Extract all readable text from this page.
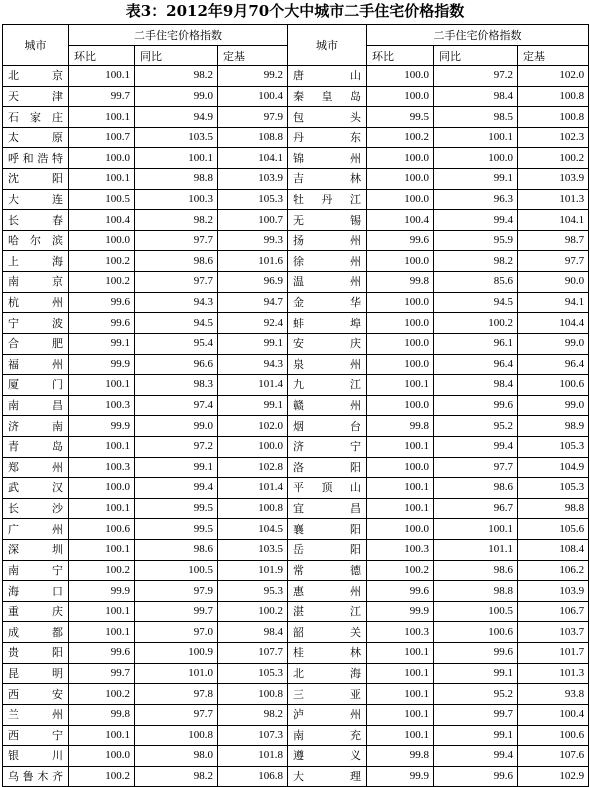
表3：2012年9月70个大中城市二手住宅价格指数
城市	二手住宅价格指数			城市	二手住宅价格指数		
	环比	同比	定基		环比	同比	定基
北　京	100.1	98.2	99.2	唐　山	100.0	97.2	102.0
天　津	99.7	99.0	100.4	秦皇岛	100.0	98.4	100.8
石家庄	100.1	94.9	97.9	包　头	99.5	98.5	100.8
太　原	100.7	103.5	108.8	丹　东	100.2	100.1	102.3
呼和浩特	100.0	100.1	104.1	锦　州	100.0	100.0	100.2
沈　阳	100.1	98.8	103.9	吉　林	100.0	99.1	103.9
大　连	100.5	100.3	105.3	牡丹江	100.0	96.3	101.3
长　春	100.4	98.2	100.7	无　锡	100.4	99.4	104.1
哈尔滨	100.0	97.7	99.3	扬　州	99.6	95.9	98.7
上　海	100.2	98.6	101.6	徐　州	100.0	98.2	97.7
南　京	100.2	97.7	96.9	温　州	99.8	85.6	90.0
杭　州	99.6	94.3	94.7	金　华	100.0	94.5	94.1
宁　波	99.6	94.5	92.4	蚌　埠	100.0	100.2	104.4
合　肥	99.1	95.4	99.1	安　庆	100.0	96.1	99.0
福　州	99.9	96.6	94.3	泉　州	100.0	96.4	96.4
厦　门	100.1	98.3	101.4	九　江	100.1	98.4	100.6
南　昌	100.3	97.4	99.1	赣　州	100.0	99.6	99.0
济　南	99.9	99.0	102.0	烟　台	99.8	95.2	98.9
青　岛	100.1	97.2	100.0	济　宁	100.1	99.4	105.3
郑　州	100.3	99.1	102.8	洛　阳	100.0	97.7	104.9
武　汉	100.0	99.4	101.4	平顶山	100.1	98.6	105.3
长　沙	100.1	99.5	100.8	宜　昌	100.1	96.7	98.8
广　州	100.6	99.5	104.5	襄　阳	100.0	100.1	105.6
深　圳	100.1	98.6	103.5	岳　阳	100.3	101.1	108.4
南　宁	100.2	100.5	101.9	常　德	100.2	98.6	106.2
海　口	99.9	97.9	95.3	惠　州	99.6	98.8	103.9
重　庆	100.1	99.7	100.2	湛　江	99.9	100.5	106.7
成　都	100.1	97.0	98.4	韶　关	100.3	100.6	103.7
贵　阳	99.6	100.9	107.7	桂　林	100.1	99.6	101.7
昆　明	99.7	101.0	105.3	北　海	100.1	99.1	101.3
西　安	100.2	97.8	100.8	三　亚	100.1	95.2	93.8
兰　州	99.8	97.7	98.2	泸　州	100.1	99.7	100.4
西　宁	100.1	100.8	107.3	南　充	100.1	99.1	100.6
银　川	100.0	98.0	101.8	遵　义	99.8	99.4	107.6
乌鲁木齐	100.2	98.2	106.8	大　理	99.9	99.6	102.9
